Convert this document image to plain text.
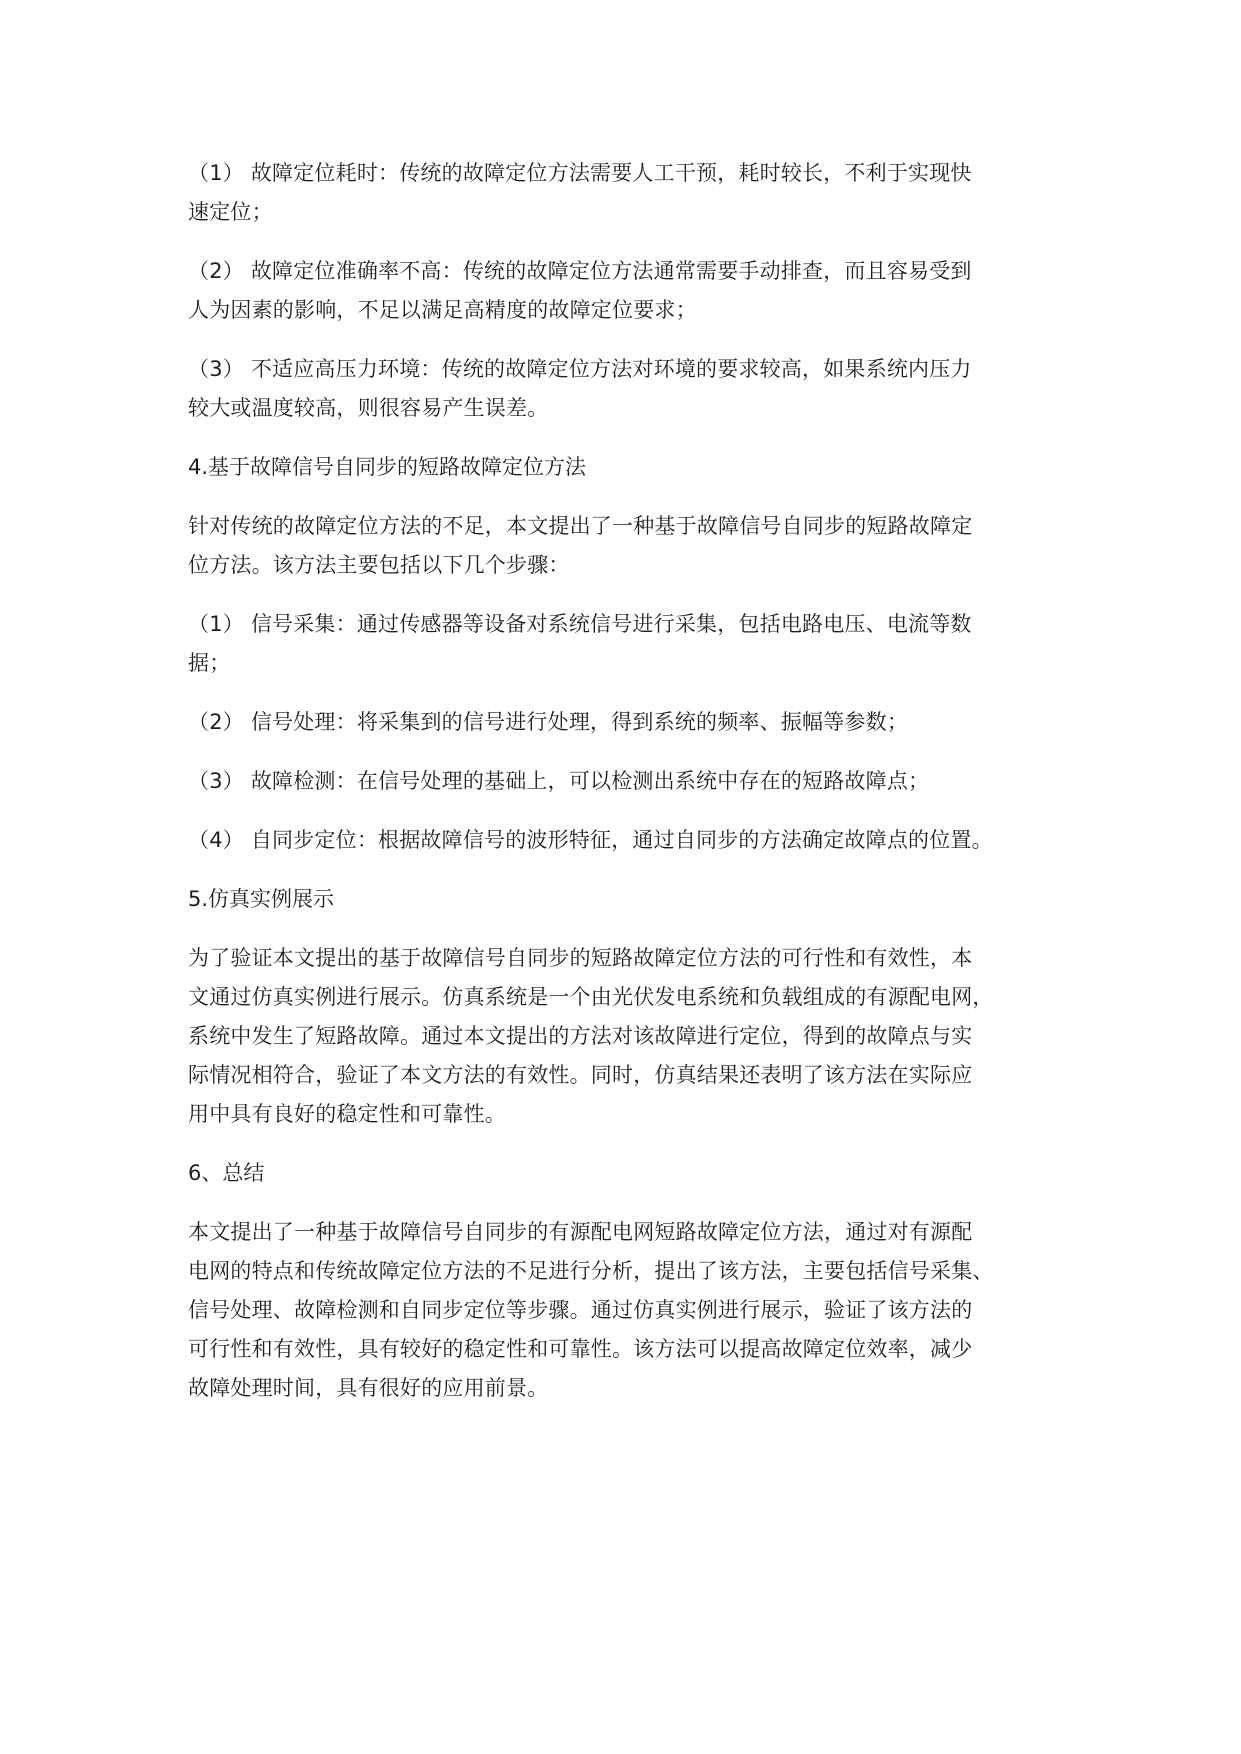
（1） 故障定位耗时：传统的故障定位方法需要人工干预，耗时较长，不利于实现快
速定位；
（2） 故障定位准确率不高：传统的故障定位方法通常需要手动排查，而且容易受到
人为因素的影响，不足以满足高精度的故障定位要求；
（3） 不适应高压力环境：传统的故障定位方法对环境的要求较高，如果系统内压力
较大或温度较高，则很容易产生误差。
4.基于故障信号自同步的短路故障定位方法
针对传统的故障定位方法的不足，本文提出了一种基于故障信号自同步的短路故障定
位方法。该方法主要包括以下几个步骤：
（1） 信号采集：通过传感器等设备对系统信号进行采集，包括电路电压、电流等数
据；
（2） 信号处理：将采集到的信号进行处理，得到系统的频率、振幅等参数；
（3） 故障检测：在信号处理的基础上，可以检测出系统中存在的短路故障点；
（4） 自同步定位：根据故障信号的波形特征，通过自同步的方法确定故障点的位置。
5.仿真实例展示
为了验证本文提出的基于故障信号自同步的短路故障定位方法的可行性和有效性，本
文通过仿真实例进行展示。仿真系统是一个由光伏发电系统和负载组成的有源配电网，
系统中发生了短路故障。通过本文提出的方法对该故障进行定位，得到的故障点与实
际情况相符合，验证了本文方法的有效性。同时，仿真结果还表明了该方法在实际应
用中具有良好的稳定性和可靠性。
6、总结
本文提出了一种基于故障信号自同步的有源配电网短路故障定位方法，通过对有源配
电网的特点和传统故障定位方法的不足进行分析，提出了该方法，主要包括信号采集、
信号处理、故障检测和自同步定位等步骤。通过仿真实例进行展示，验证了该方法的
可行性和有效性，具有较好的稳定性和可靠性。该方法可以提高故障定位效率，减少
故障处理时间，具有很好的应用前景。
